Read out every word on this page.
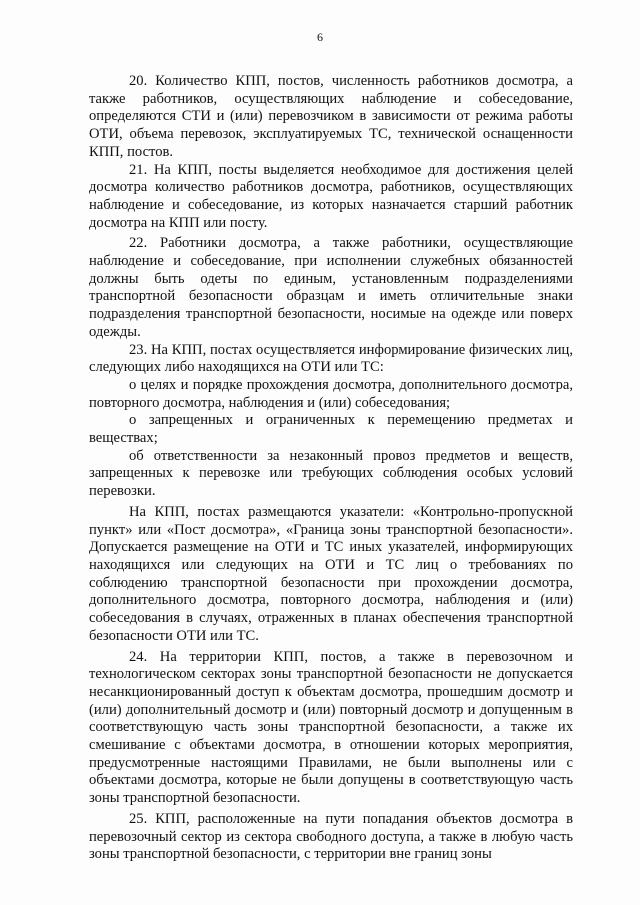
6

20. Количество КПП, постов, численность работников досмотра, а также работников, осуществляющих наблюдение и собеседование, определяются СТИ и (или) перевозчиком в зависимости от режима работы ОТИ, объема перевозок, эксплуатируемых ТС, технической оснащенности КПП, постов.

21. На КПП, посты выделяется необходимое для достижения целей досмотра количество работников досмотра, работников, осуществляющих наблюдение и собеседование, из которых назначается старший работник досмотра на КПП или посту.

22. Работники досмотра, а также работники, осуществляющие наблюдение и собеседование, при исполнении служебных обязанностей должны быть одеты по единым, установленным подразделениями транспортной безопасности образцам и иметь отличительные знаки подразделения транспортной безопасности, носимые на одежде или поверх одежды.

23. На КПП, постах осуществляется информирование физических лиц, следующих либо находящихся на ОТИ или ТС:

о целях и порядке прохождения досмотра, дополнительного досмотра, повторного досмотра, наблюдения и (или) собеседования;

о запрещенных и ограниченных к перемещению предметах и веществах;

об ответственности за незаконный провоз предметов и веществ, запрещенных к перевозке или требующих соблюдения особых условий перевозки.

На КПП, постах размещаются указатели: «Контрольно-пропускной пункт» или «Пост досмотра», «Граница зоны транспортной безопасности». Допускается размещение на ОТИ и ТС иных указателей, информирующих находящихся или следующих на ОТИ и ТС лиц о требованиях по соблюдению транспортной безопасности при прохождении досмотра, дополнительного досмотра, повторного досмотра, наблюдения и (или) собеседования в случаях, отраженных в планах обеспечения транспортной безопасности ОТИ или ТС.

24. На территории КПП, постов, а также в перевозочном и технологическом секторах зоны транспортной безопасности не допускается несанкционированный доступ к объектам досмотра, прошедшим досмотр и (или) дополнительный досмотр и (или) повторный досмотр и допущенным в соответствующую часть зоны транспортной безопасности, а также их смешивание с объектами досмотра, в отношении которых мероприятия, предусмотренные настоящими Правилами, не были выполнены или с объектами досмотра, которые не были допущены в соответствующую часть зоны транспортной безопасности.

25. КПП, расположенные на пути попадания объектов досмотра в перевозочный сектор из сектора свободного доступа, а также в любую часть зоны транспортной безопасности, с территории вне границ зоны
